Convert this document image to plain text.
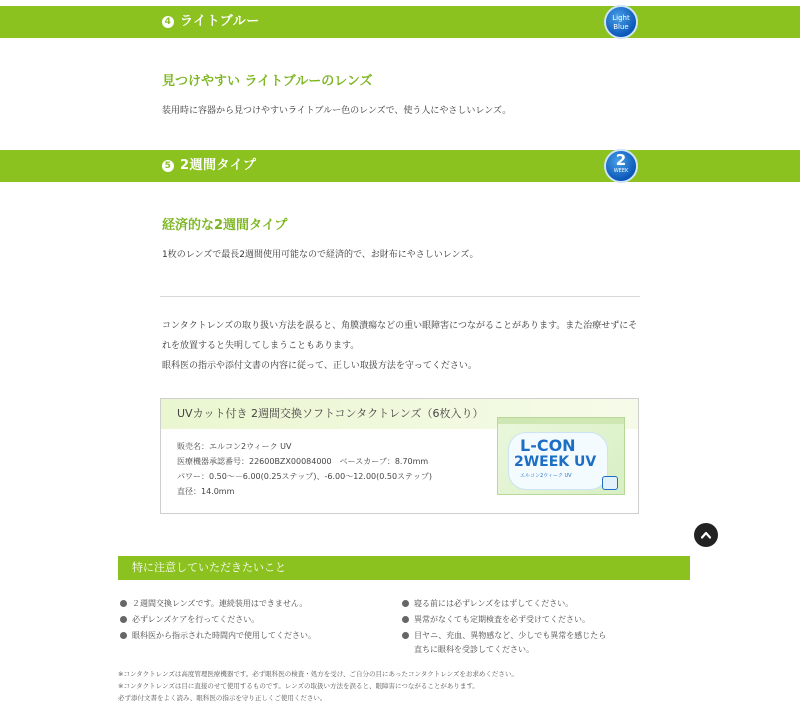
4 ライトブルー	Light
Blue
見つけやすい ライトブルーのレンズ
装用時に容器から見つけやすいライトブルー色のレンズで、使う人にやさしいレンズ。
5 2週間タイプ	2
WEEK
経済的な2週間タイプ
1枚のレンズで最長2週間使用可能なので経済的で、お財布にやさしいレンズ。
コンタクトレンズの取り扱い方法を誤ると、角膜潰瘍などの重い眼障害につながることがあります。また治療せずにそ
れを放置すると失明してしまうこともあります。
眼科医の指示や添付文書の内容に従って、正しい取扱方法を守ってください。
UVカット付き 2週間交換ソフトコンタクトレンズ（6枚入り）
販売名：エルコン2ウィーク UV
医療機器承認番号：22600BZX00084000　ベースカーブ：8.70mm
パワー：0.50～－6.00(0.25ステップ)、-6.00～12.00(0.50ステップ)
直径：14.0mm
L-CON
2WEEK UV
エルコン2ウィーク UV
特に注意していただきたいこと
２週間交換レンズです。連続装用はできません。
必ずレンズケアを行ってください。
眼科医から指示された時間内で使用してください。
寝る前には必ずレンズをはずしてください。
異常がなくても定期検査を必ず受けてください。
目ヤニ、充血、異物感など、少しでも異常を感じたら
直ちに眼科を受診してください。
※コンタクトレンズは高度管理医療機器です。必ず眼科医の検査・処方を受け、ご自分の目にあったコンタクトレンズをお求めください。
※コンタクトレンズは目に直接のせて使用するものです。レンズの取扱い方法を誤ると、眼障害につながることがあります。
必ず添付文書をよく読み、眼科医の指示を守り正しくご使用ください。
